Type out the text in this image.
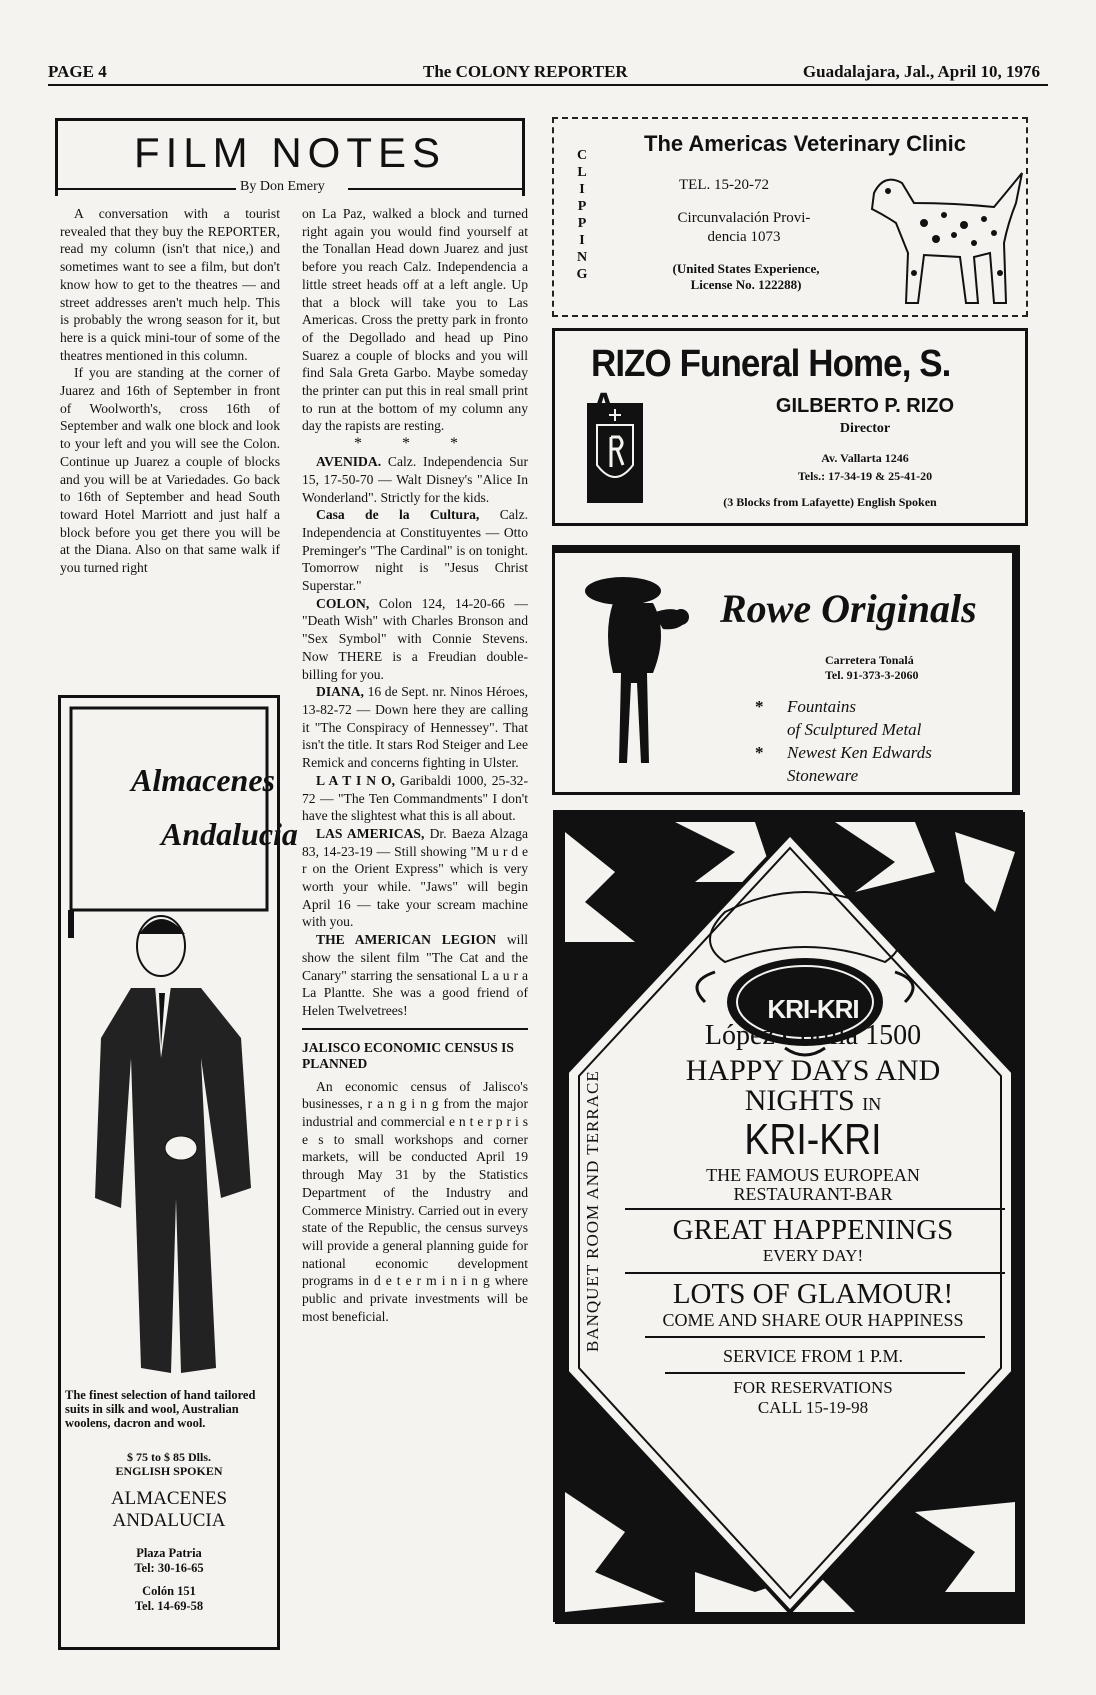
PAGE 4	The COLONY REPORTER	Guadalajara, Jal., April 10, 1976
FILM NOTES
By Don Emery

A conversation with a tourist revealed that they buy the REPORTER, read my column (isn't that nice,) and sometimes want to see a film, but don't know how to get to the theatres — and street addresses aren't much help. This is probably the wrong season for it, but here is a quick mini-tour of some of the theatres mentioned in this column.

If you are standing at the corner of Juarez and 16th of September in front of Woolworth's, cross 16th of September and walk one block and look to your left and you will see the Colon. Continue up Juarez a couple of blocks and you will be at Variedades. Go back to 16th of September and head South toward Hotel Marriott and just half a block before you get there you will be at the Diana. Also on that same walk if you turned right

Almacenes
Andalucia
The finest selection of hand tailored suits in silk and wool, Australian woolens, dacron and wool.
$ 75 to $ 85 Dlls.
ENGLISH SPOKEN
ALMACENES
ANDALUCIA
Plaza Patria
Tel: 30-16-65
Colón 151
Tel. 14-69-58

on La Paz, walked a block and turned right again you would find yourself at the Tonallan Head down Juarez and just before you reach Calz. Independencia a little street heads off at a left angle. Up that a block will take you to Las Americas. Cross the pretty park in fronto of the Degollado and head up Pino Suarez a couple of blocks and you will find Sala Greta Garbo. Maybe someday the printer can put this in real small print to run at the bottom of my column any day the rapists are resting.

* * *

AVENIDA. Calz. Independencia Sur 15, 17-50-70 — Walt Disney's "Alice In Wonderland". Strictly for the kids.

Casa de la Cultura, Calz. Independencia at Constituyentes — Otto Preminger's "The Cardinal" is on tonight. Tomorrow night is "Jesus Christ Superstar."

COLON, Colon 124, 14-20-66 — "Death Wish" with Charles Bronson and "Sex Symbol" with Connie Stevens. Now THERE is a Freudian double-billing for you.

DIANA, 16 de Sept. nr. Ninos Héroes, 13-82-72 — Down here they are calling it "The Conspiracy of Hennessey". That isn't the title. It stars Rod Steiger and Lee Remick and concerns fighting in Ulster.

L A T I N O, Garibaldi 1000, 25-32-72 — "The Ten Commandments" I don't have the slightest what this is all about.

LAS AMERICAS, Dr. Baeza Alzaga 83, 14-23-19 — Still showing "M u r d e r on the Orient Express" which is very worth your while. "Jaws" will begin April 16 — take your scream machine with you.

THE AMERICAN LEGION will show the silent film "The Cat and the Canary" starring the sensational L a u r a La Plantte. She was a good friend of Helen Twelvetrees!

JALISCO ECONOMIC CENSUS IS PLANNED

An economic census of Jalisco's businesses, r a n g i n g from the major industrial and commercial e n t e r p r i s e s to small workshops and corner markets, will be conducted April 19 through May 31 by the Statistics Department of the Industry and Commerce Ministry. Carried out in every state of the Republic, the census surveys will provide a general planning guide for national economic development programs in d e t e r m i n i n g where public and private investments will be most beneficial.

C
L
I
P
P
I
N
G
The Americas Veterinary Clinic
TEL. 15-20-72
Circunvalación Provi-
dencia 1073
(United States Experience,
License No. 122288)
RIZO Funeral Home, S.
GILBERTO P. RIZO
Director
Av. Vallarta 1246
Tels.: 17-34-19 & 25-41-20
(3 Blocks from Lafayette) English Spoken
Rowe Originals
Carretera Tonalá
Tel. 91-373-3-2060
* Fountains
of Sculptured Metal
* Newest Ken Edwards
Stoneware
KRI-KRI
BANQUET ROOM AND TERRACE
López Cotilla 1500
HAPPY DAYS AND
NIGHTS IN
KRI-KRI
THE FAMOUS EUROPEAN
RESTAURANT-BAR
GREAT HAPPENINGS
EVERY DAY!
LOTS OF GLAMOUR!
COME AND SHARE OUR HAPPINESS
SERVICE FROM 1 P.M.
FOR RESERVATIONS
CALL 15-19-98
